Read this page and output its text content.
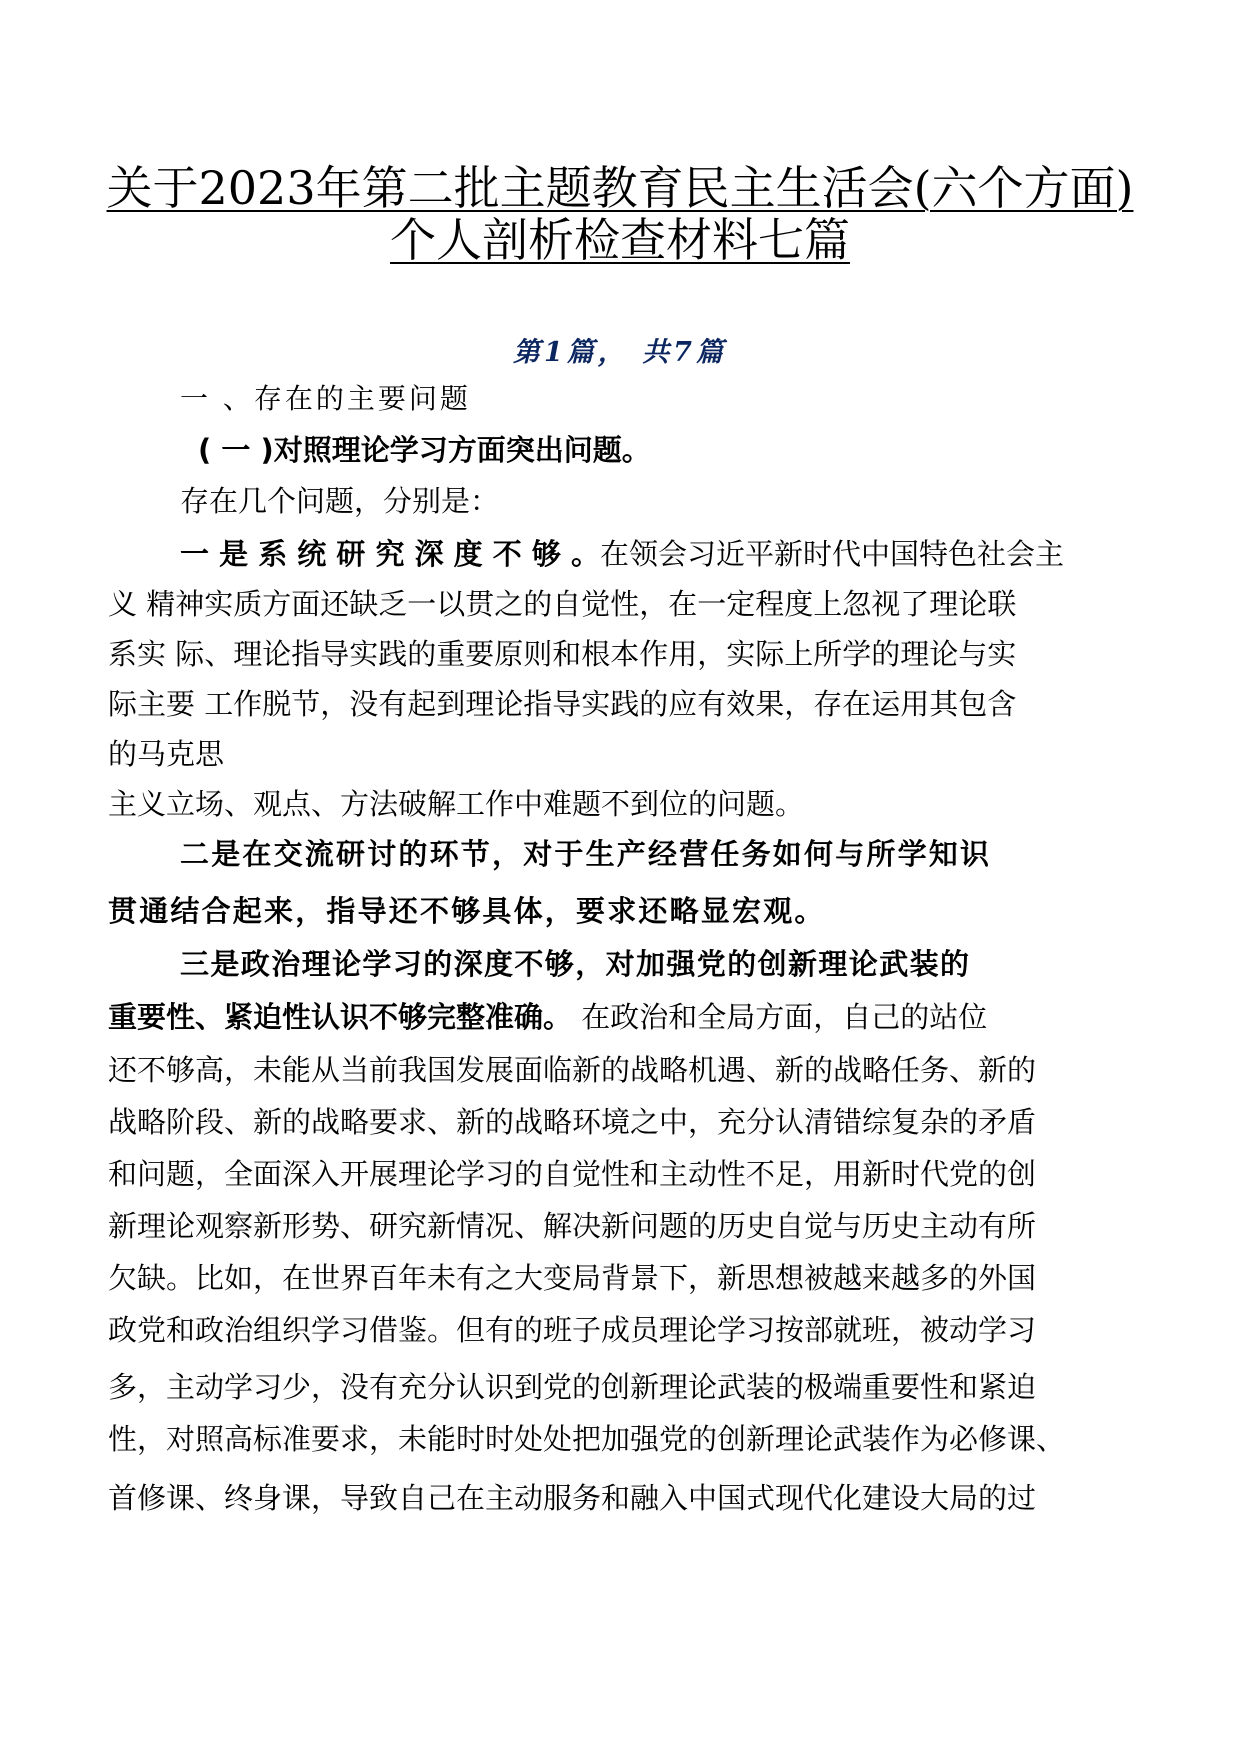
关于2023年第二批主题教育民主生活会(六个方面)
个人剖析检查材料七篇
第1篇， 共7篇
一 、存在的主要问题
( 一 )对照理论学习方面突出问题。
存在几个问题，分别是：
一 是 系 统 研 究 深 度 不 够 。在领会习近平新时代中国特色社会主
义 精神实质方面还缺乏一以贯之的自觉性，在一定程度上忽视了理论联
系实 际、理论指导实践的重要原则和根本作用，实际上所学的理论与实
际主要 工作脱节，没有起到理论指导实践的应有效果，存在运用其包含
的马克思
主义立场、观点、方法破解工作中难题不到位的问题。
二是在交流研讨的环节，对于生产经营任务如何与所学知识
贯通结合起来，指导还不够具体，要求还略显宏观。
三是政治理论学习的深度不够，对加强党的创新理论武装的
重要性、紧迫性认识不够完整准确。 在政治和全局方面，自己的站位
还不够高，未能从当前我国发展面临新的战略机遇、新的战略任务、新的
战略阶段、新的战略要求、新的战略环境之中，充分认清错综复杂的矛盾
和问题，全面深入开展理论学习的自觉性和主动性不足，用新时代党的创
新理论观察新形势、研究新情况、解决新问题的历史自觉与历史主动有所
欠缺。比如，在世界百年未有之大变局背景下，新思想被越来越多的外国
政党和政治组织学习借鉴。但有的班子成员理论学习按部就班，被动学习
多，主动学习少，没有充分认识到党的创新理论武装的极端重要性和紧迫
性，对照高标准要求，未能时时处处把加强党的创新理论武装作为必修课、
首修课、终身课，导致自己在主动服务和融入中国式现代化建设大局的过
